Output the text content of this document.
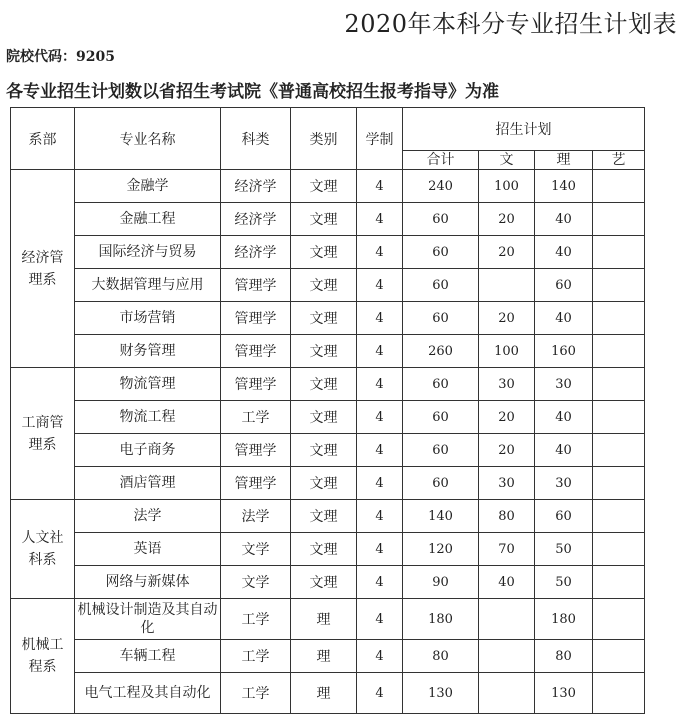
2020年本科分专业招生计划表
院校代码：9205
各专业招生计划数以省招生考试院《普通高校招生报考指导》为准
系部	专业名称	科类	类别	学制	招生计划			
					合计	文	理	艺
经济管理系	金融学	经济学	文理	4	240	100	140	
	金融工程	经济学	文理	4	60	20	40	
	国际经济与贸易	经济学	文理	4	60	20	40	
	大数据管理与应用	管理学	文理	4	60		60	
	市场营销	管理学	文理	4	60	20	40	
	财务管理	管理学	文理	4	260	100	160	
工商管理系	物流管理	管理学	文理	4	60	30	30	
	物流工程	工学	文理	4	60	20	40	
	电子商务	管理学	文理	4	60	20	40	
	酒店管理	管理学	文理	4	60	30	30	
人文社科系	法学	法学	文理	4	140	80	60	
	英语	文学	文理	4	120	70	50	
	网络与新媒体	文学	文理	4	90	40	50	
机械工程系	机械设计制造及其自动化	工学	理	4	180		180	
	车辆工程	工学	理	4	80		80	
	电气工程及其自动化	工学	理	4	130		130	
